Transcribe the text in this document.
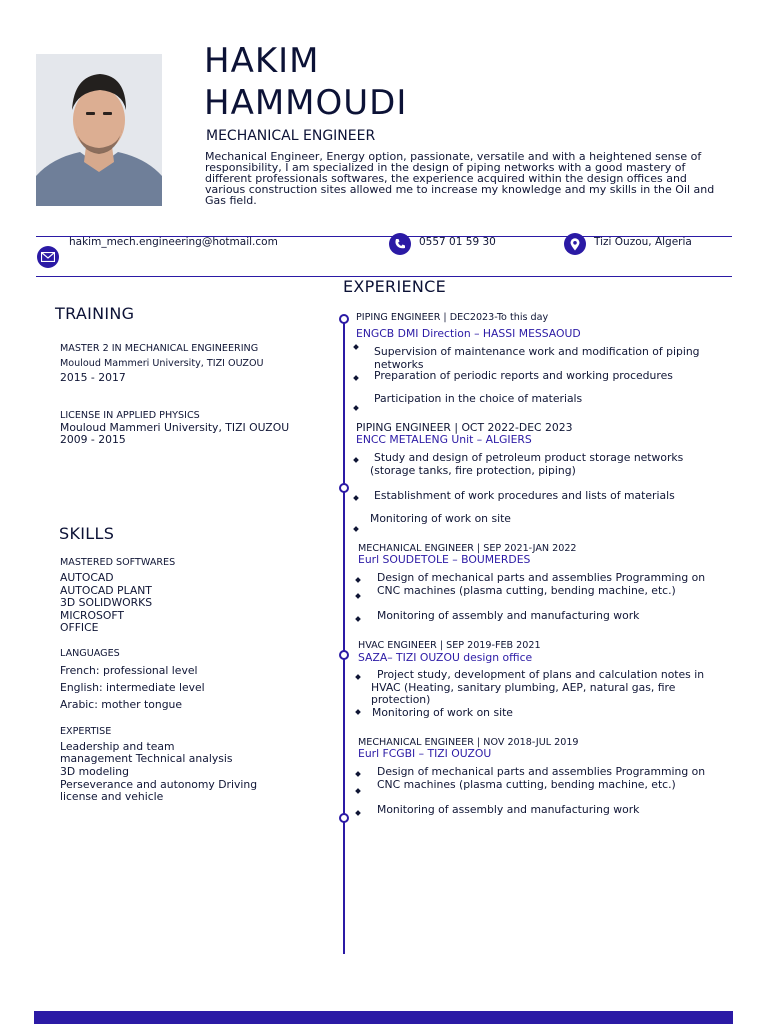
HAKIM
HAMMOUDI
MECHANICAL ENGINEER
Mechanical Engineer, Energy option, passionate, versatile and with a heightened sense of responsibility, I am specialized in the design of piping networks with a good mastery of different professionals softwares, the experience acquired within the design offices and various construction sites allowed me to increase my knowledge and my skills in the Oil and Gas field.
hakim_mech.engineering@hotmail.com	0557 01 59 30	Tizi Ouzou, Algeria
TRAINING
MASTER 2 IN MECHANICAL ENGINEERING
Mouloud Mammeri University, TIZI OUZOU
2015 - 2017
LICENSE IN APPLIED PHYSICS
Mouloud Mammeri University, TIZI OUZOU
2009 - 2015
SKILLS
MASTERED SOFTWARES
AUTOCAD
AUTOCAD PLANT
3D SOLIDWORKS
MICROSOFT
OFFICE
LANGUAGES
French: professional level
English: intermediate level
Arabic: mother tongue
EXPERTISE
Leadership and team
management Technical analysis
3D modeling
Perseverance and autonomy Driving
license and vehicle
EXPERIENCE
PIPING ENGINEER | DEC2023-To this day
ENGCB DMI Direction – HASSI MESSAOUD
Supervision of maintenance work and modification of piping networks
Preparation of periodic reports and working procedures
Participation in the choice of materials
PIPING ENGINEER | OCT 2022-DEC 2023
ENCC METALENG Unit – ALGIERS
Study and design of petroleum product storage networks (storage tanks, fire protection, piping)
Establishment of work procedures and lists of materials
Monitoring of work on site
MECHANICAL ENGINEER | SEP 2021-JAN 2022
Eurl SOUDETOLE – BOUMERDES
Design of mechanical parts and assemblies Programming on CNC machines (plasma cutting, bending machine, etc.)
Monitoring of assembly and manufacturing work
HVAC ENGINEER | SEP 2019-FEB 2021
SAZA– TIZI OUZOU design office
Project study, development of plans and calculation notes in HVAC (Heating, sanitary plumbing, AEP, natural gas, fire protection)
Monitoring of work on site
MECHANICAL ENGINEER | NOV 2018-JUL 2019
Eurl FCGBI – TIZI OUZOU
Design of mechanical parts and assemblies Programming on CNC machines (plasma cutting, bending machine, etc.)
Monitoring of assembly and manufacturing work
